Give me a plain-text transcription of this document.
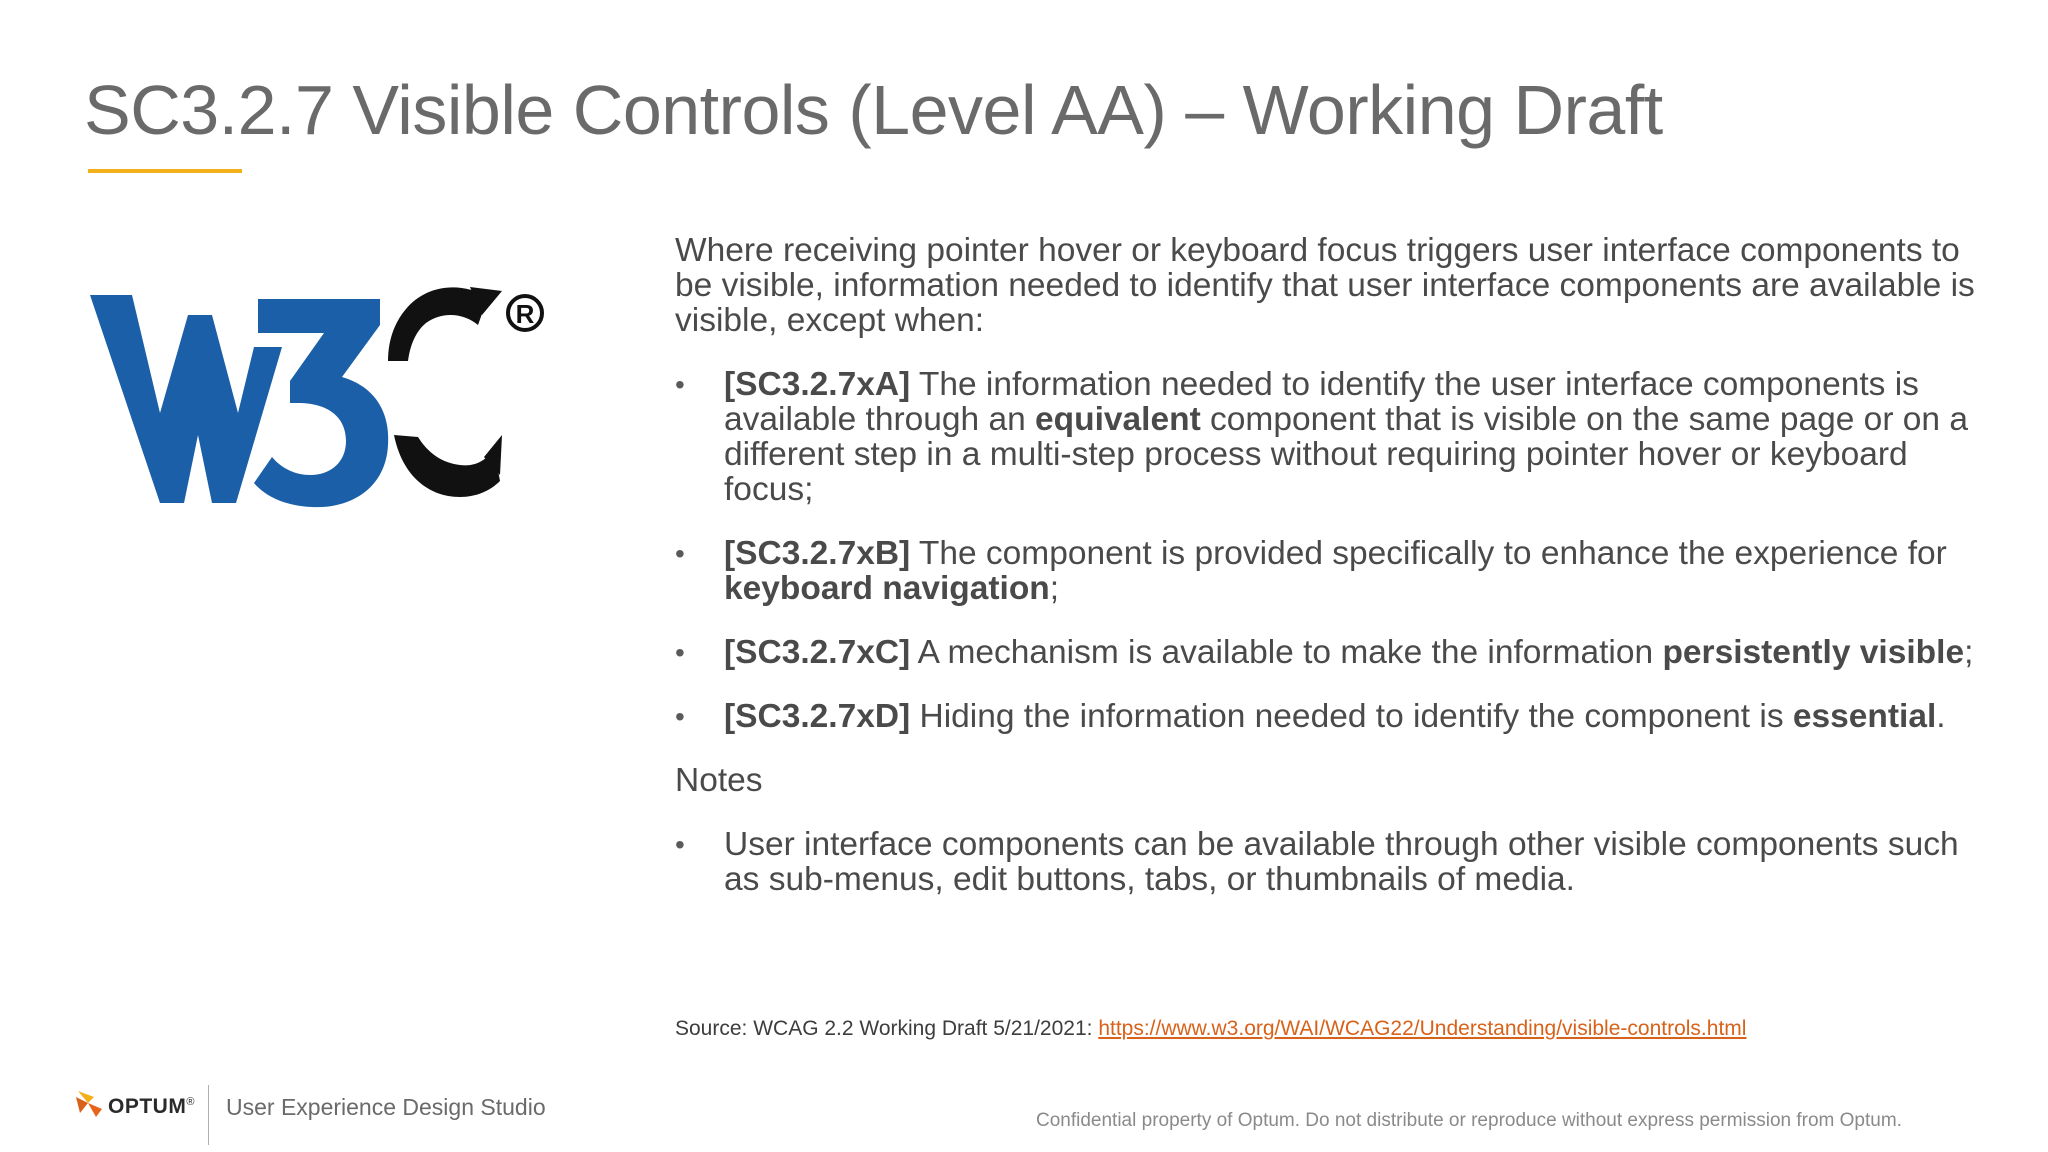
SC3.2.7 Visible Controls (Level AA) – Working Draft
R

Where receiving pointer hover or keyboard focus triggers user interface components to be visible, information needed to identify that user interface components are available is visible, except when:

• [SC3.2.7xA] The information needed to identify the user interface components is available through an equivalent component that is visible on the same page or on a different step in a multi-step process without requiring pointer hover or keyboard focus;
• [SC3.2.7xB] The component is provided specifically to enhance the experience for keyboard navigation;
• [SC3.2.7xC] A mechanism is available to make the information persistently visible;
• [SC3.2.7xD] Hiding the information needed to identify the component is essential.

Notes

• User interface components can be available through other visible components such as sub-menus, edit buttons, tabs, or thumbnails of media.
Source: WCAG 2.2 Working Draft 5/21/2021: https://www.w3.org/WAI/WCAG22/Understanding/visible-controls.html
OPTUM® User Experience Design Studio
Confidential property of Optum. Do not distribute or reproduce without express permission from Optum.
